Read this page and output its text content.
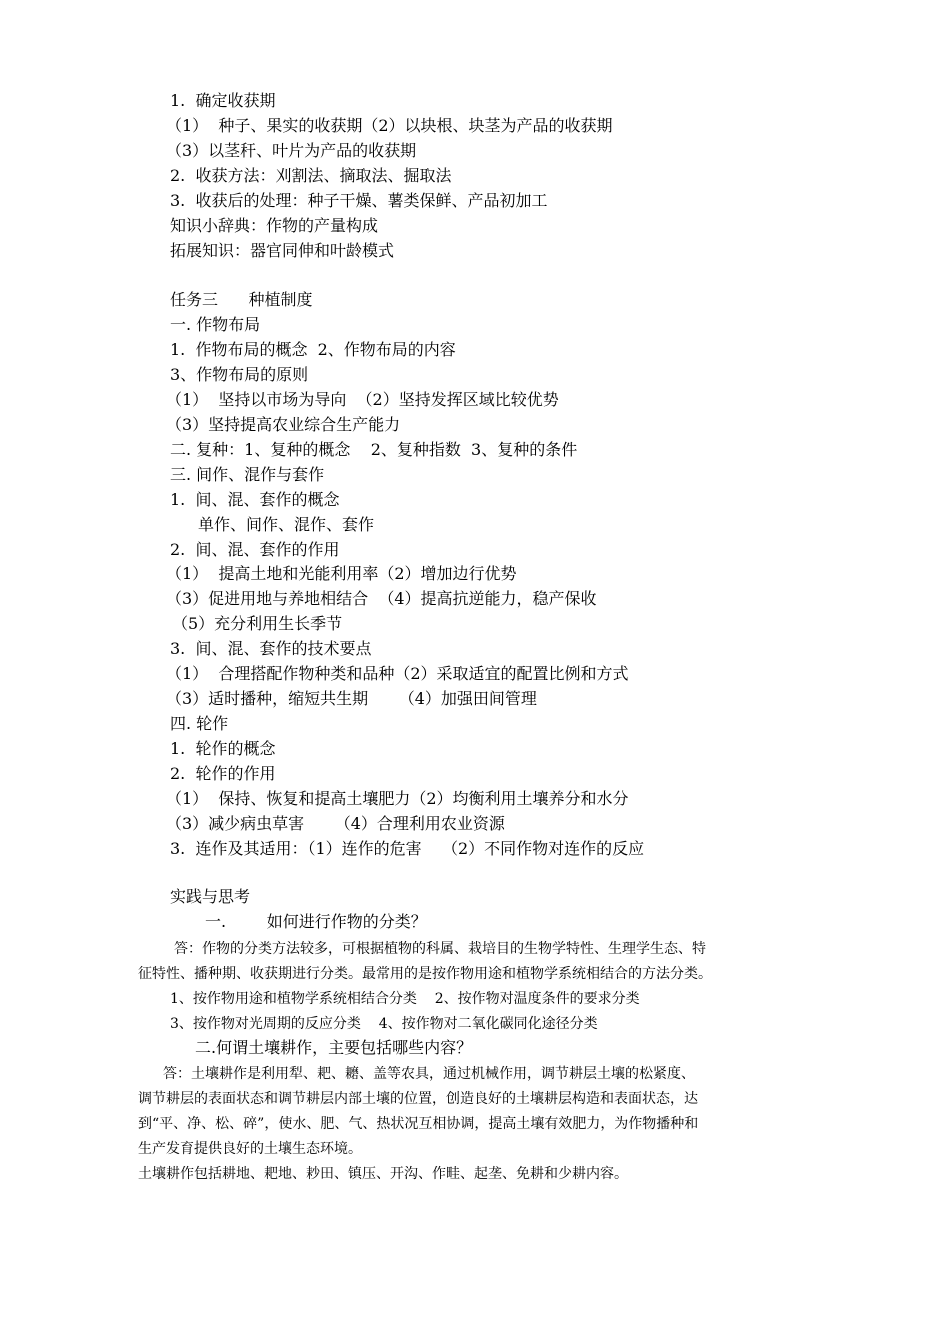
1.  确定收获期
（1）  种子、果实的收获期（2）以块根、块茎为产品的收获期
（3）以茎秆、叶片为产品的收获期
2.  收获方法：刈割法、摘取法、掘取法
3.  收获后的处理：种子干燥、薯类保鲜、产品初加工
知识小辞典：作物的产量构成
拓展知识：器官同伸和叶龄模式
任务三      种植制度
一. 作物布局
1.  作物布局的概念  2、作物布局的内容
3、作物布局的原则
（1）  坚持以市场为导向  （2）坚持发挥区域比较优势
（3）坚持提高农业综合生产能力
二. 复种：1、复种的概念    2、复种指数  3、复种的条件
三. 间作、混作与套作
1.  间、混、套作的概念
单作、间作、混作、套作
2.  间、混、套作的作用
（1）  提高土地和光能利用率（2）增加边行优势
（3）促进用地与养地相结合  （4）提高抗逆能力，稳产保收
（5）充分利用生长季节
3.  间、混、套作的技术要点
（1）  合理搭配作物种类和品种（2）采取适宜的配置比例和方式
（3）适时播种，缩短共生期      （4）加强田间管理
四. 轮作
1.  轮作的概念
2.  轮作的作用
（1）  保持、恢复和提高土壤肥力（2）均衡利用土壤养分和水分
（3）减少病虫草害      （4）合理利用农业资源
3.  连作及其适用：（1）连作的危害    （2）不同作物对连作的反应
实践与思考
一.        如何进行作物的分类？
答：作物的分类方法较多，可根据植物的科属、栽培目的生物学特性、生理学生态、特
征特性、播种期、收获期进行分类。最常用的是按作物用途和植物学系统相结合的方法分类。
1、按作物用途和植物学系统相结合分类    2、按作物对温度条件的要求分类
3、按作物对光周期的反应分类    4、按作物对二氧化碳同化途径分类
二.何谓土壤耕作，主要包括哪些内容？
答：土壤耕作是利用犁、耙、耱、盖等农具，通过机械作用，调节耕层土壤的松紧度、
调节耕层的表面状态和调节耕层内部土壤的位置，创造良好的土壤耕层构造和表面状态，达
到“平、净、松、碎”，使水、肥、气、热状况互相协调，提高土壤有效肥力，为作物播种和
生产发育提供良好的土壤生态环境。
土壤耕作包括耕地、耙地、耖田、镇压、开沟、作畦、起垄、免耕和少耕内容。
